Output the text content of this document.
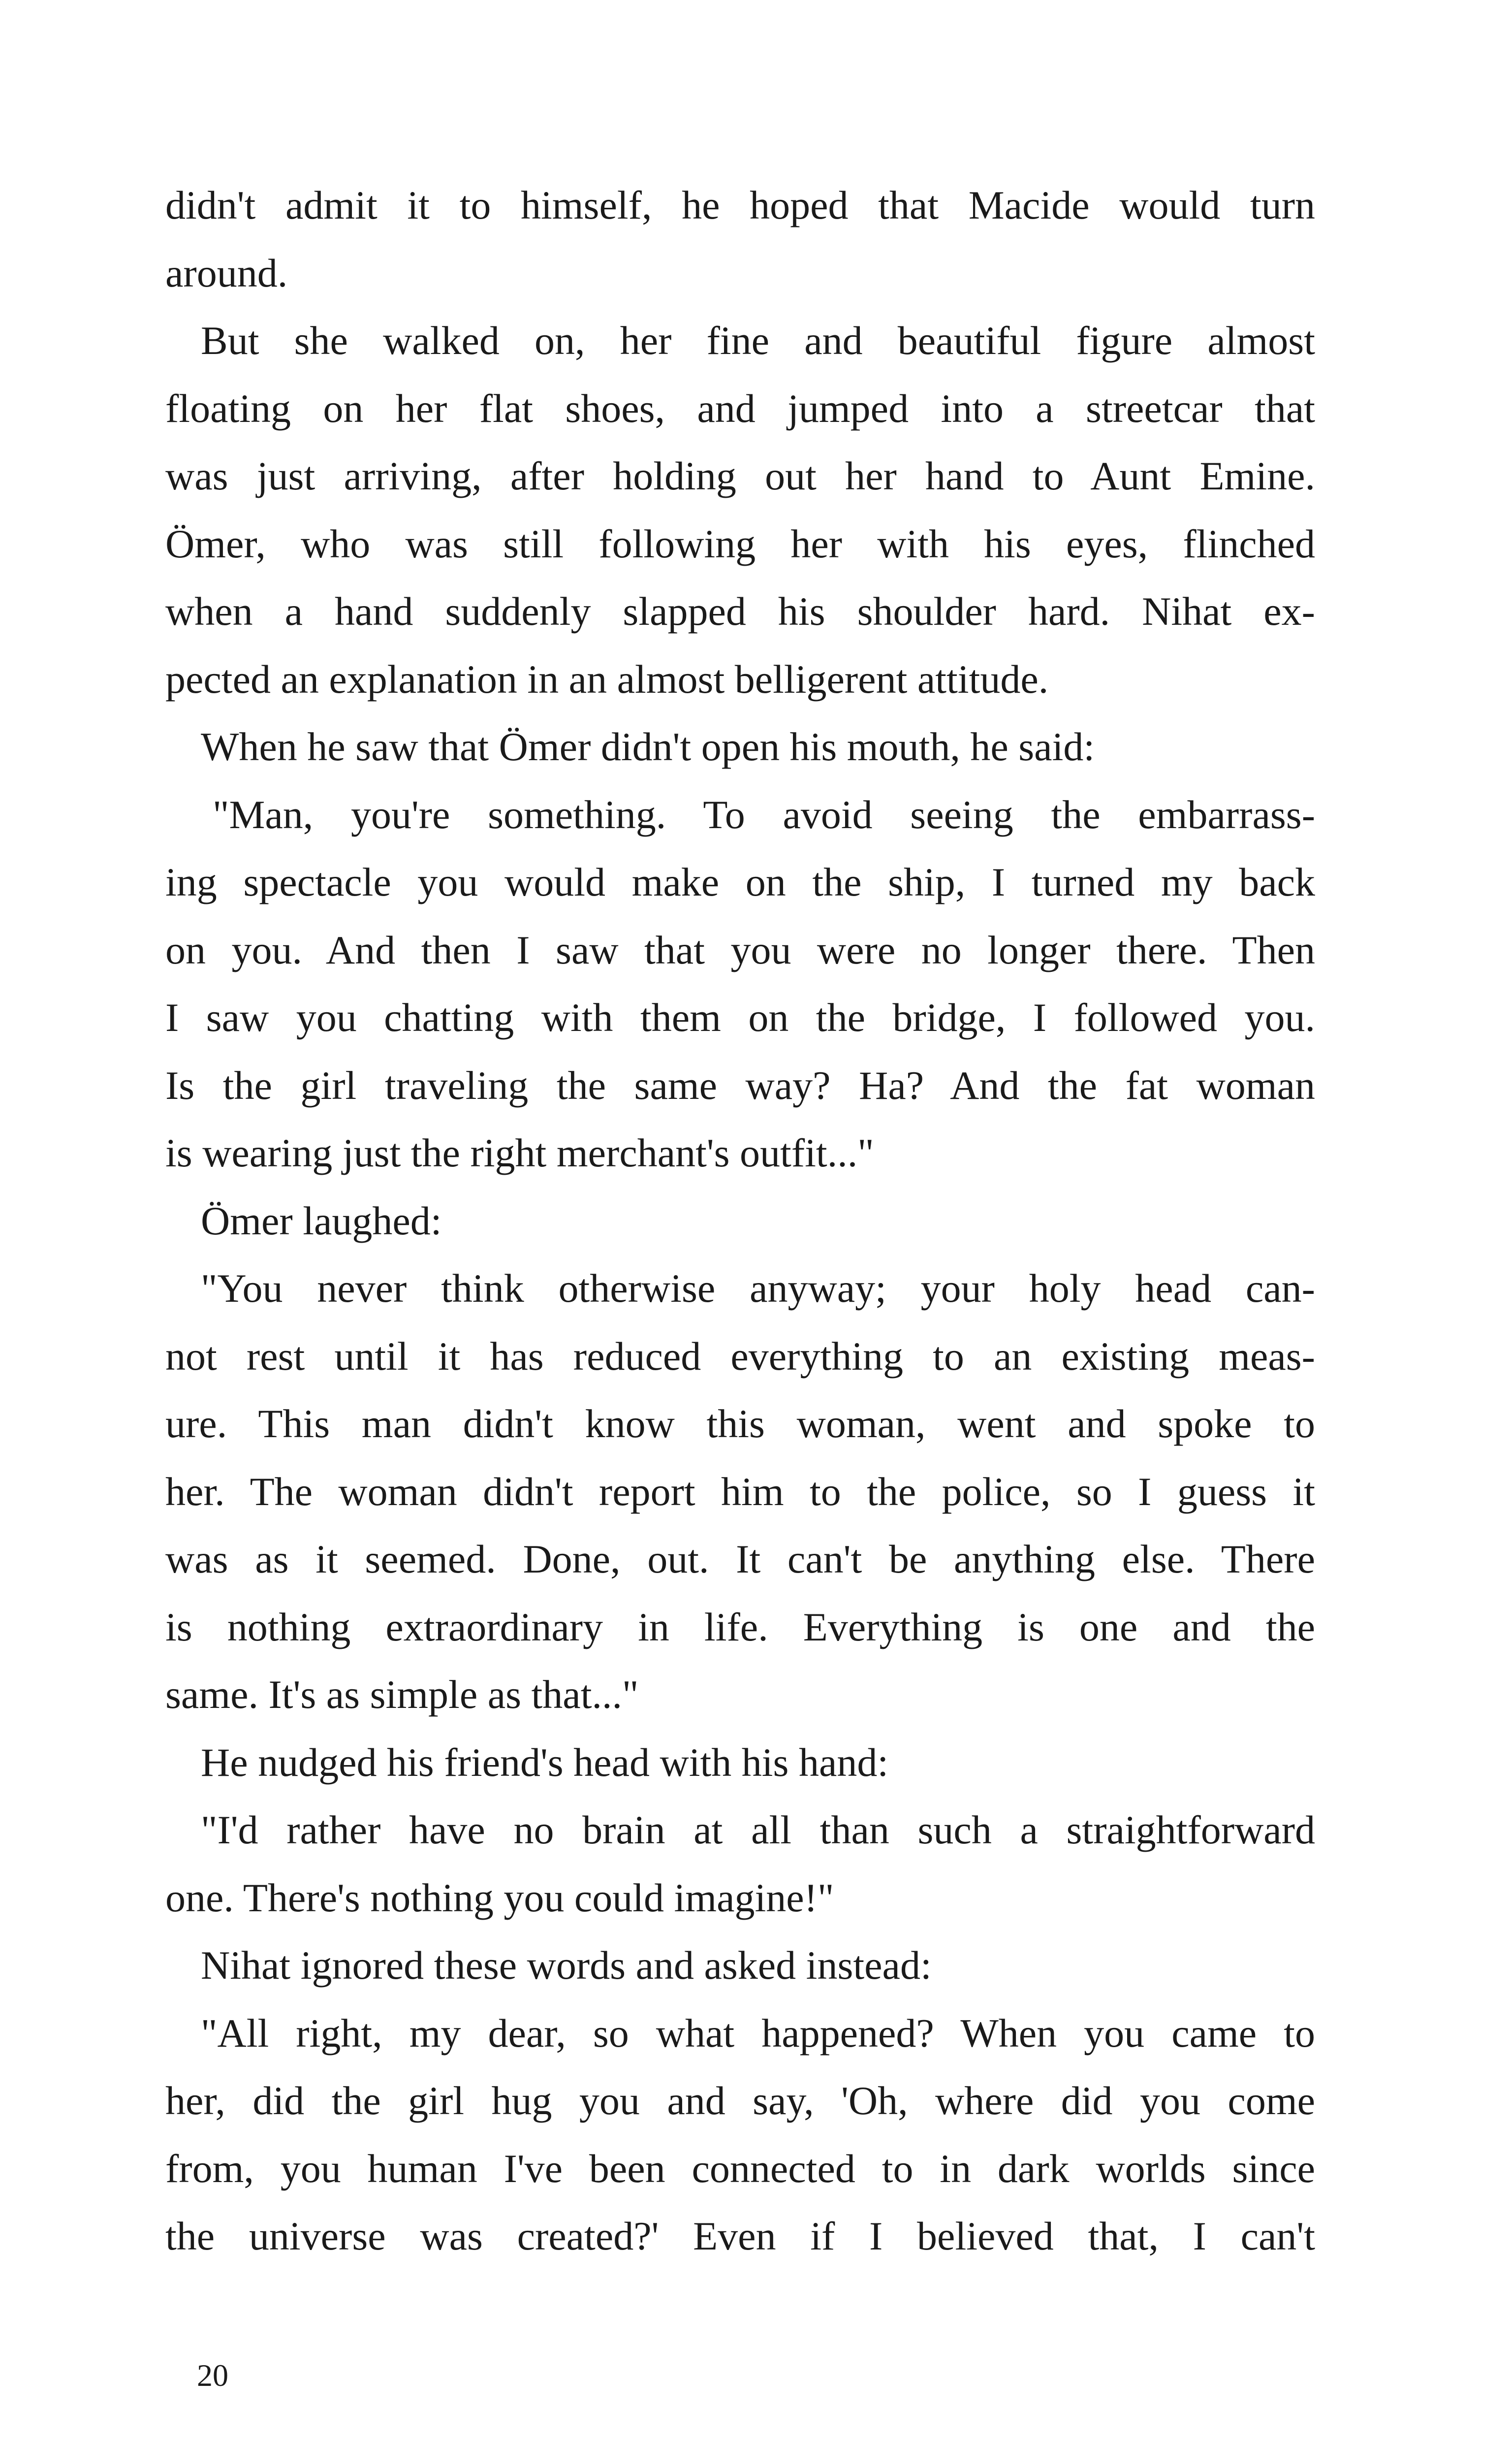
didn't admit it to himself, he hoped that Macide would turn
around.
But she walked on, her fine and beautiful figure almost
floating on her flat shoes, and jumped into a streetcar that
was just arriving, after holding out her hand to Aunt Emine.
Ömer, who was still following her with his eyes, flinched
when a hand suddenly slapped his shoulder hard. Nihat ex-
pected an explanation in an almost belligerent attitude.
When he saw that Ömer didn't open his mouth, he said:
"Man, you're something. To avoid seeing the embarrass-
ing spectacle you would make on the ship, I turned my back
on you. And then I saw that you were no longer there. Then
I saw you chatting with them on the bridge, I followed you.
Is the girl traveling the same way? Ha? And the fat woman
is wearing just the right merchant's outfit..."
Ömer laughed:
"You never think otherwise anyway; your holy head can-
not rest until it has reduced everything to an existing meas-
ure. This man didn't know this woman, went and spoke to
her. The woman didn't report him to the police, so I guess it
was as it seemed. Done, out. It can't be anything else. There
is nothing extraordinary in life. Everything is one and the
same. It's as simple as that..."
He nudged his friend's head with his hand:
"I'd rather have no brain at all than such a straightforward
one. There's nothing you could imagine!"
Nihat ignored these words and asked instead:
"All right, my dear, so what happened? When you came to
her, did the girl hug you and say, 'Oh, where did you come
from, you human I've been connected to in dark worlds since
the universe was created?' Even if I believed that, I can't
20
